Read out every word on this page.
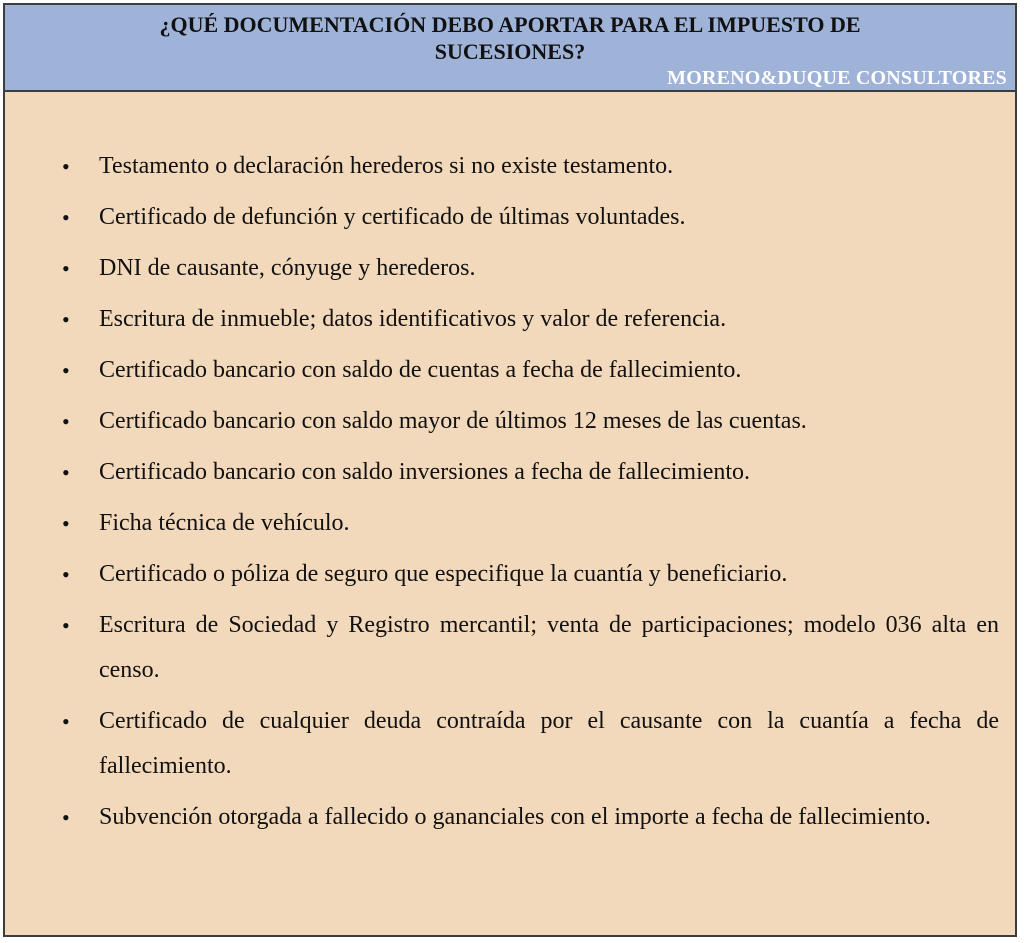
¿QUÉ DOCUMENTACIÓN DEBO APORTAR PARA EL IMPUESTO DE
SUCESIONES?
MORENO&DUQUE CONSULTORES
• Testamento o declaración herederos si no existe testamento.
• Certificado de defunción y certificado de últimas voluntades.
• DNI de causante, cónyuge y herederos.
• Escritura de inmueble; datos identificativos y valor de referencia.
• Certificado bancario con saldo de cuentas a fecha de fallecimiento.
• Certificado bancario con saldo mayor de últimos 12 meses de las cuentas.
• Certificado bancario con saldo inversiones a fecha de fallecimiento.
• Ficha técnica de vehículo.
• Certificado o póliza de seguro que especifique la cuantía y beneficiario.
• Escritura de Sociedad y Registro mercantil; venta de participaciones; modelo 036 alta en censo.
• Certificado de cualquier deuda contraída por el causante con la cuantía a fecha de fallecimiento.
• Subvención otorgada a fallecido o gananciales con el importe a fecha de fallecimiento.
